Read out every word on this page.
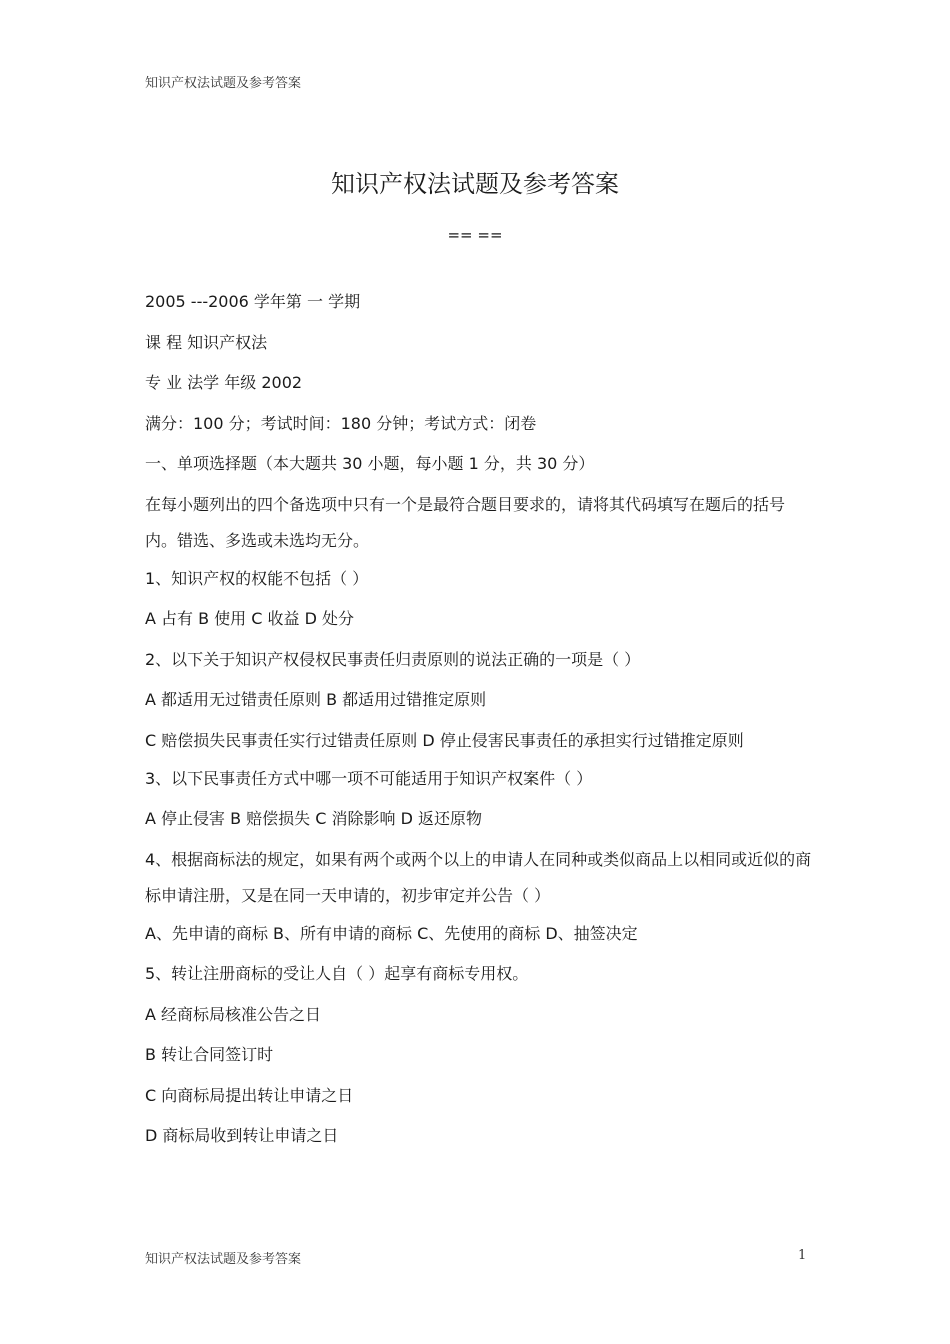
知识产权法试题及参考答案
知识产权法试题及参考答案
== ==
2005 ---2006 学年第 一 学期
课 程 知识产权法
专 业 法学 年级 2002
满分：100 分；考试时间：180 分钟；考试方式：闭卷
一、单项选择题（本大题共 30 小题，每小题 1 分，共 30 分）
在每小题列出的四个备选项中只有一个是最符合题目要求的，请将其代码填写在题后的括号内。错选、多选或未选均无分。
1、知识产权的权能不包括（ ）
A 占有 B 使用 C 收益 D 处分
2、以下关于知识产权侵权民事责任归责原则的说法正确的一项是（ ）
A 都适用无过错责任原则 B 都适用过错推定原则
C 赔偿损失民事责任实行过错责任原则 D 停止侵害民事责任的承担实行过错推定原则
3、以下民事责任方式中哪一项不可能适用于知识产权案件（ ）
A 停止侵害 B 赔偿损失 C 消除影响 D 返还原物
4、根据商标法的规定，如果有两个或两个以上的申请人在同种或类似商品上以相同或近似的商标申请注册，又是在同一天申请的，初步审定并公告（ ）
A、先申请的商标 B、所有申请的商标 C、先使用的商标 D、抽签决定
5、转让注册商标的受让人自（ ）起享有商标专用权。
A 经商标局核准公告之日
B 转让合同签订时
C 向商标局提出转让申请之日
D 商标局收到转让申请之日
知识产权法试题及参考答案	1
